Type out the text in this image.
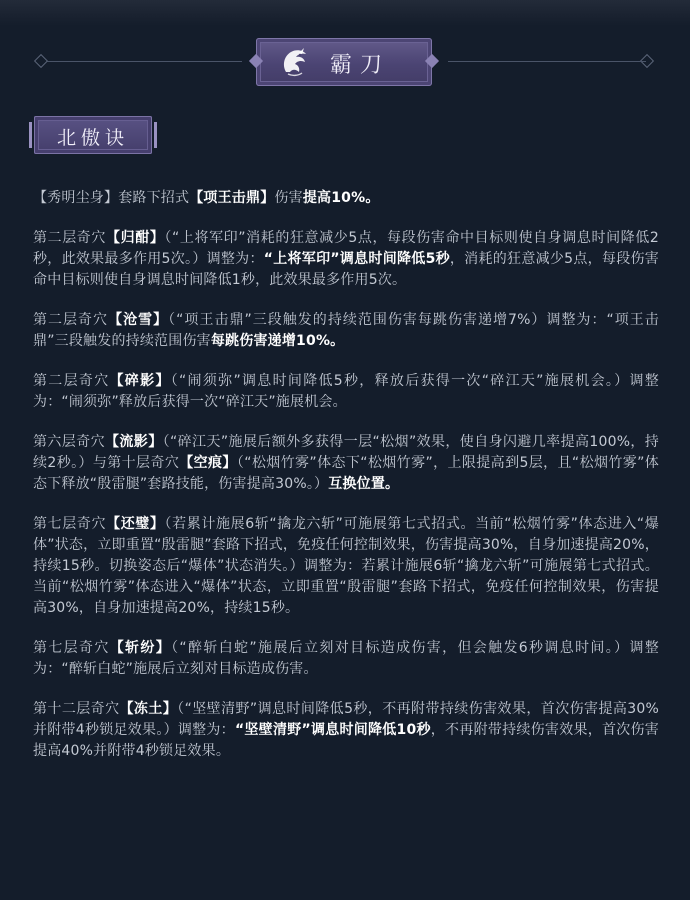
霸刀
北傲诀

【秀明尘身】套路下招式【项王击鼎】伤害提高10%。

第二层奇穴【归酣】（“上将军印”消耗的狂意减少5点，每段伤害命中目标则使自身调息时间降低2秒，此效果最多作用5次。）调整为：“上将军印”调息时间降低5秒，消耗的狂意减少5点，每段伤害命中目标则使自身调息时间降低1秒，此效果最多作用5次。

第二层奇穴【沧雪】（“项王击鼎”三段触发的持续范围伤害每跳伤害递增7%）调整为：“项王击鼎”三段触发的持续范围伤害每跳伤害递增10%。

第二层奇穴【碎影】（“闹须弥”调息时间降低5秒，释放后获得一次“碎江天”施展机会。）调整为：“闹须弥”释放后获得一次“碎江天”施展机会。

第六层奇穴【流影】（“碎江天”施展后额外多获得一层“松烟”效果，使自身闪避几率提高100%，持续2秒。）与第十层奇穴【空痕】（“松烟竹雾”体态下“松烟竹雾”，上限提高到5层，且“松烟竹雾”体态下释放“殷雷腿”套路技能，伤害提高30%。）互换位置。

第七层奇穴【还璧】（若累计施展6斩“擒龙六斩”可施展第七式招式。当前“松烟竹雾”体态进入“爆体”状态，立即重置“殷雷腿”套路下招式，免疫任何控制效果，伤害提高30%，自身加速提高20%，持续15秒。切换姿态后“爆体”状态消失。）调整为：若累计施展6斩“擒龙六斩”可施展第七式招式。当前“松烟竹雾”体态进入“爆体”状态，立即重置“殷雷腿”套路下招式，免疫任何控制效果，伤害提高30%，自身加速提高20%，持续15秒。

第七层奇穴【斩纷】（“醉斩白蛇”施展后立刻对目标造成伤害，但会触发6秒调息时间。）调整为：“醉斩白蛇”施展后立刻对目标造成伤害。

第十二层奇穴【冻土】（“坚壁清野”调息时间降低5秒，不再附带持续伤害效果，首次伤害提高30%并附带4秒锁足效果。）调整为：“坚壁清野”调息时间降低10秒，不再附带持续伤害效果，首次伤害提高40%并附带4秒锁足效果。
